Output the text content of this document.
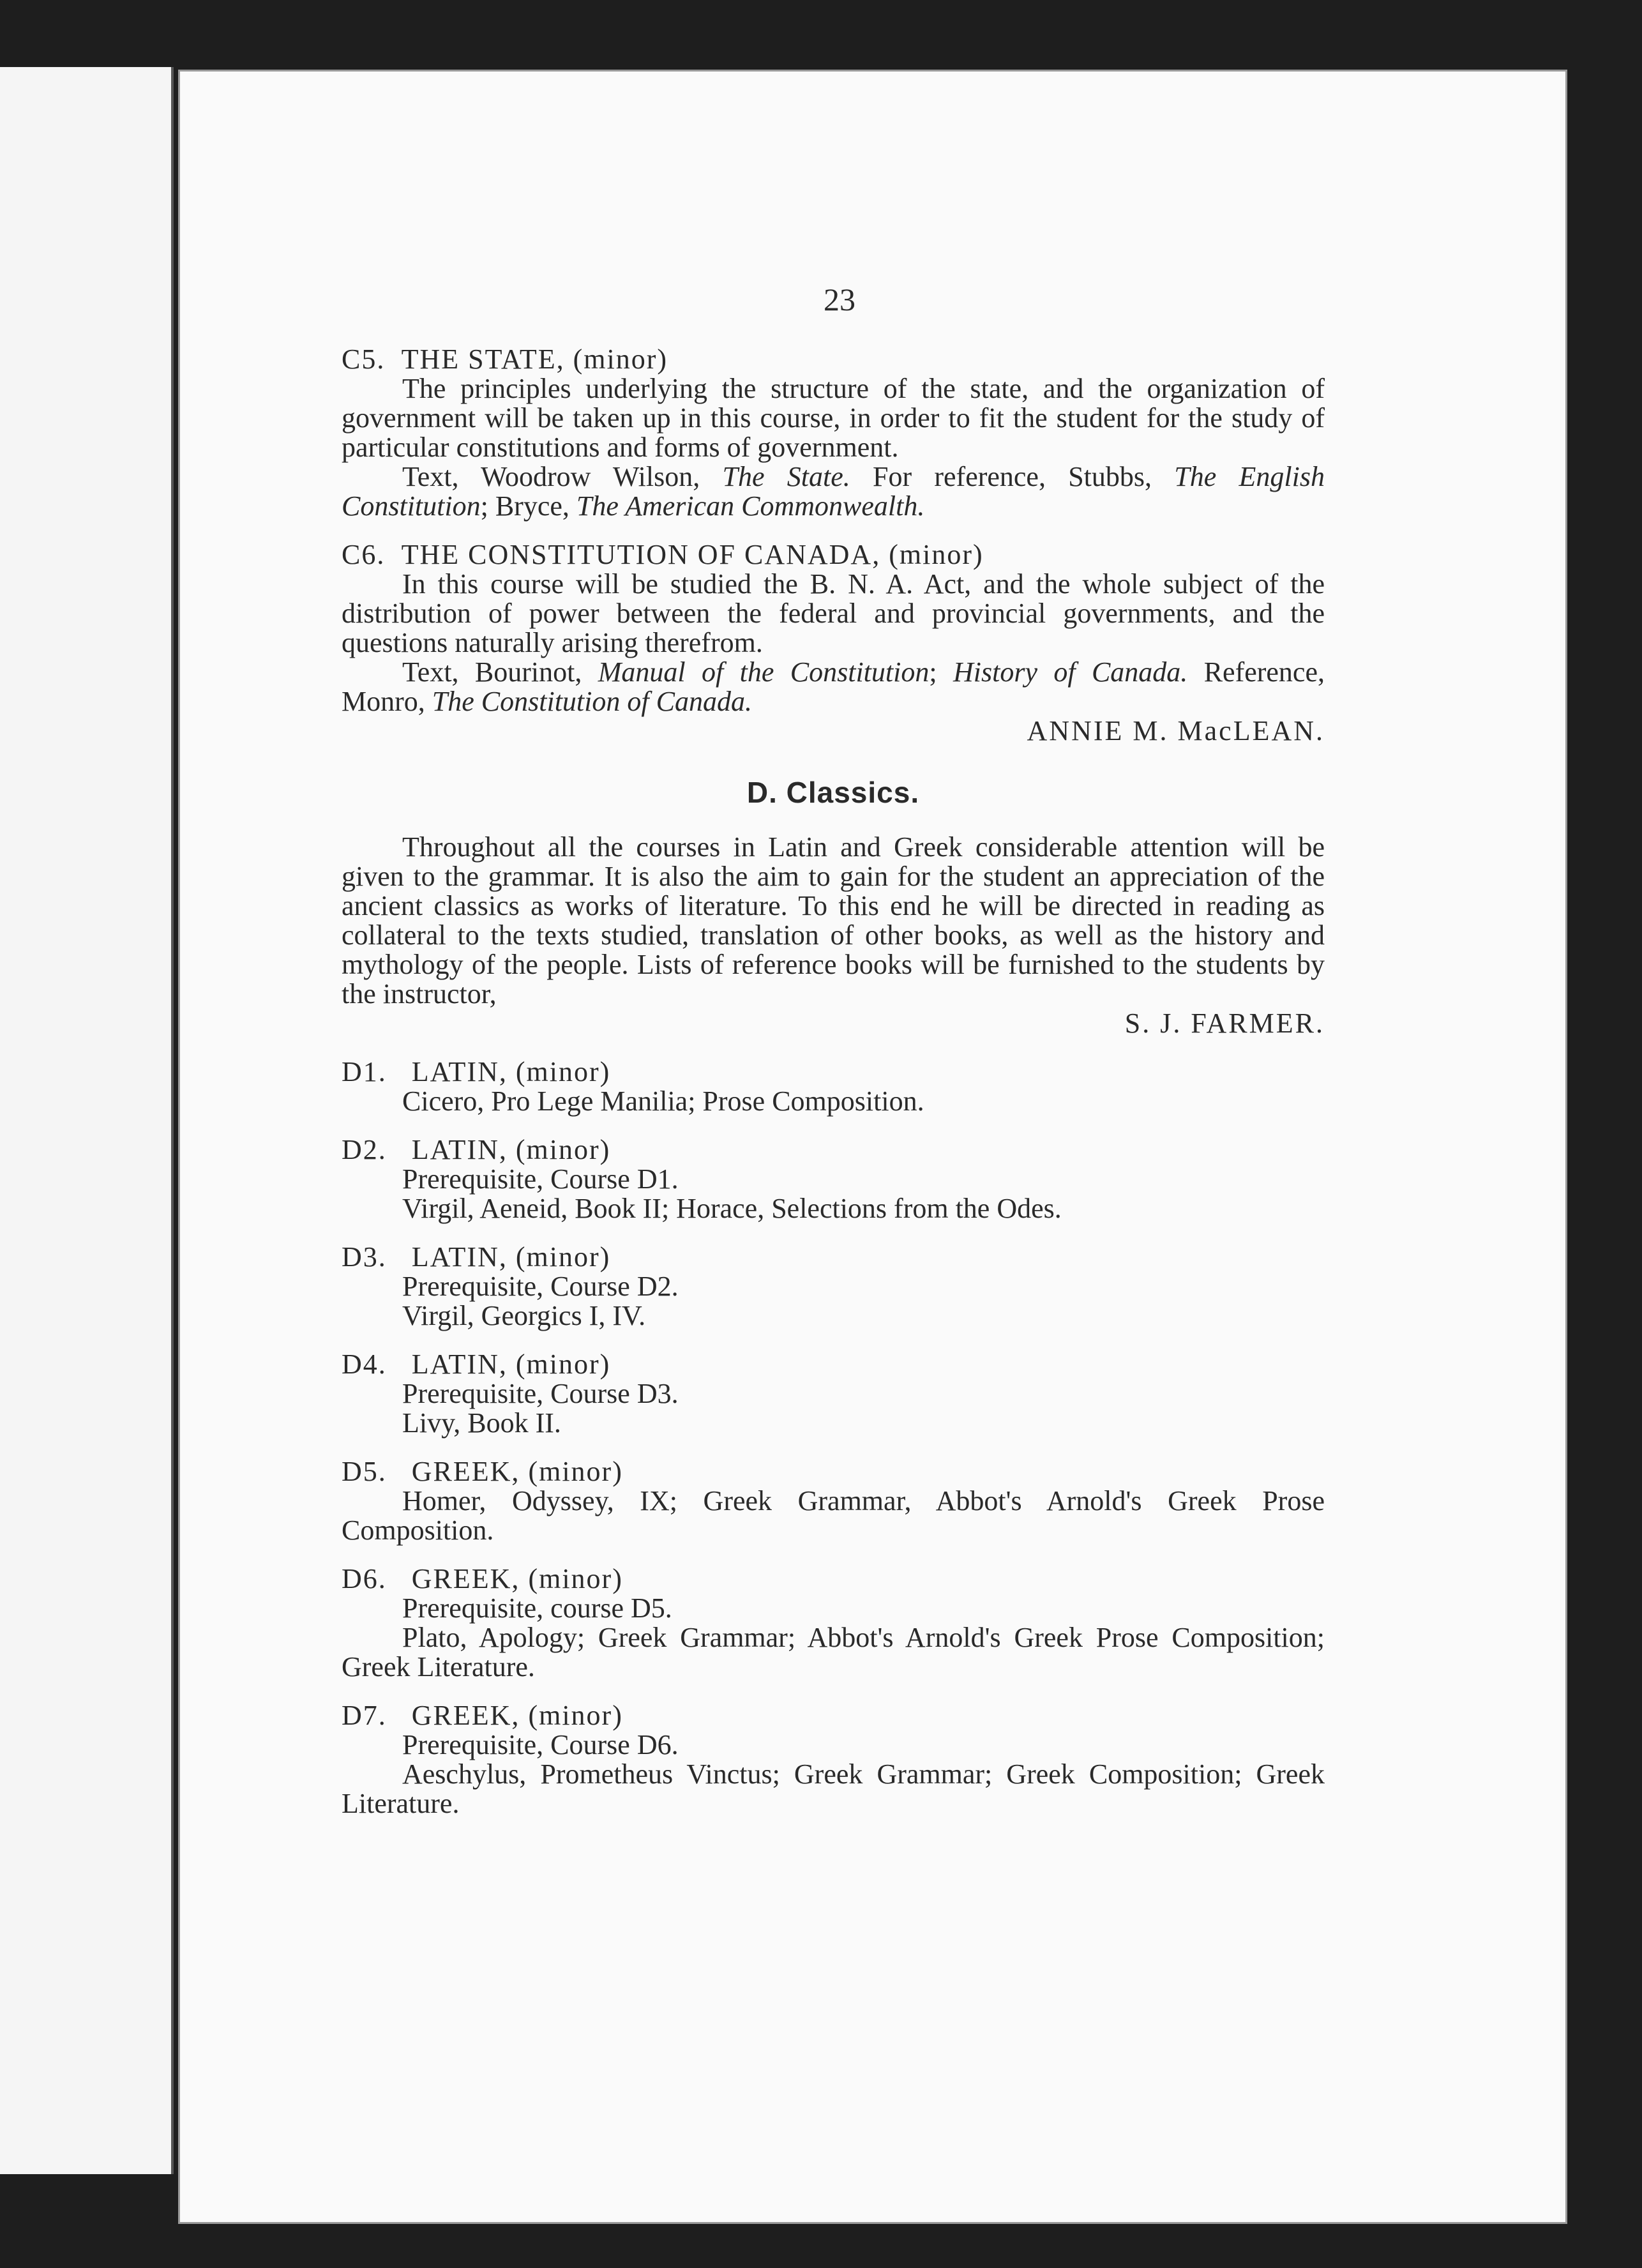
23

C5. THE STATE, (minor)

The principles underlying the structure of the state, and the organization of government will be taken up in this course, in order to fit the student for the study of particular constitutions and forms of government.

Text, Woodrow Wilson, The State. For reference, Stubbs, The English Constitution; Bryce, The American Commonwealth.

C6. THE CONSTITUTION OF CANADA, (minor)

In this course will be studied the B. N. A. Act, and the whole subject of the distribution of power between the federal and provincial governments, and the questions naturally arising therefrom.

Text, Bourinot, Manual of the Constitution; History of Canada. Reference, Monro, The Constitution of Canada.

ANNIE M. MacLEAN.

D. Classics.

Throughout all the courses in Latin and Greek considerable attention will be given to the grammar. It is also the aim to gain for the student an appreciation of the ancient classics as works of literature. To this end he will be directed in reading as collateral to the texts studied, translation of other books, as well as the history and mythology of the people. Lists of reference books will be furnished to the students by the instructor,

S. J. FARMER.

D1. LATIN, (minor)

Cicero, Pro Lege Manilia; Prose Composition.

D2. LATIN, (minor)

Prerequisite, Course D1.

Virgil, Aeneid, Book II; Horace, Selections from the Odes.

D3. LATIN, (minor)

Prerequisite, Course D2.

Virgil, Georgics I, IV.

D4. LATIN, (minor)

Prerequisite, Course D3.

Livy, Book II.

D5. GREEK, (minor)

Homer, Odyssey, IX; Greek Grammar, Abbot's Arnold's Greek Prose Composition.

D6. GREEK, (minor)

Prerequisite, course D5.

Plato, Apology; Greek Grammar; Abbot's Arnold's Greek Prose Composition; Greek Literature.

D7. GREEK, (minor)

Prerequisite, Course D6.

Aeschylus, Prometheus Vinctus; Greek Grammar; Greek Composition; Greek Literature.
